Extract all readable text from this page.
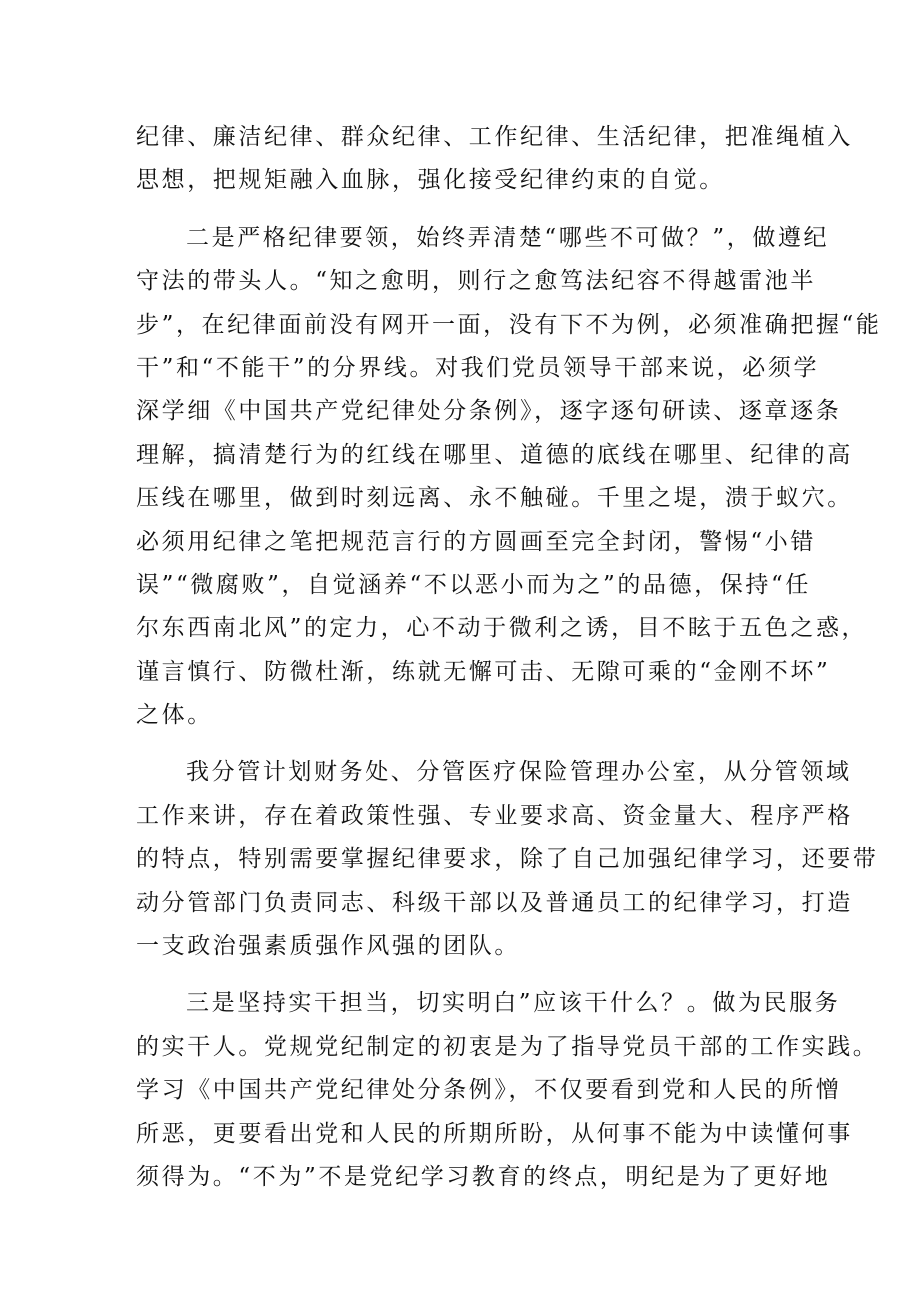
纪律、廉洁纪律、群众纪律、工作纪律、生活纪律，把准绳植入
思想，把规矩融入血脉，强化接受纪律约束的自觉。
二是严格纪律要领，始终弄清楚“哪些不可做？”，做遵纪
守法的带头人。“知之愈明，则行之愈笃法纪容不得越雷池半
步”，在纪律面前没有网开一面，没有下不为例，必须准确把握“能
干”和“不能干”的分界线。对我们党员领导干部来说，必须学
深学细《中国共产党纪律处分条例》，逐字逐句研读、逐章逐条
理解，搞清楚行为的红线在哪里、道德的底线在哪里、纪律的高
压线在哪里，做到时刻远离、永不触碰。千里之堤，溃于蚁穴。
必须用纪律之笔把规范言行的方圆画至完全封闭，警惕“小错
误”“微腐败”，自觉涵养“不以恶小而为之”的品德，保持“任
尔东西南北风”的定力，心不动于微利之诱，目不眩于五色之惑，
谨言慎行、防微杜渐，练就无懈可击、无隙可乘的“金刚不坏”
之体。
我分管计划财务处、分管医疗保险管理办公室，从分管领域
工作来讲，存在着政策性强、专业要求高、资金量大、程序严格
的特点，特别需要掌握纪律要求，除了自己加强纪律学习，还要带
动分管部门负责同志、科级干部以及普通员工的纪律学习，打造
一支政治强素质强作风强的团队。
三是坚持实干担当，切实明白”应该干什么？。做为民服务
的实干人。党规党纪制定的初衷是为了指导党员干部的工作实践。
学习《中国共产党纪律处分条例》，不仅要看到党和人民的所憎
所恶，更要看出党和人民的所期所盼，从何事不能为中读懂何事
须得为。“不为”不是党纪学习教育的终点，明纪是为了更好地
